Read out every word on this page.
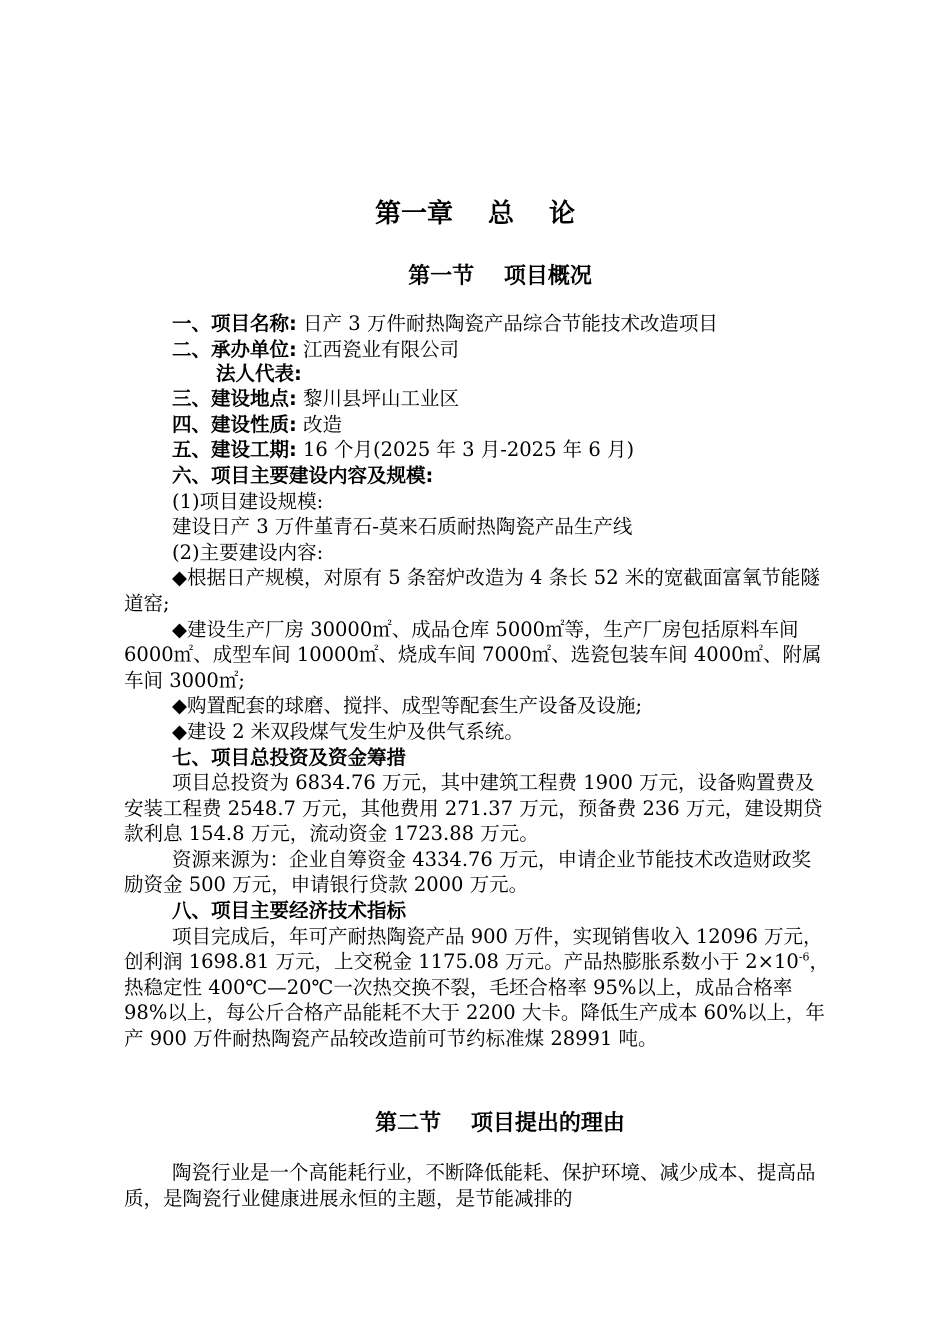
第一章　 总　 论
第一节　 项目概况

一、项目名称: 日产 3 万件耐热陶瓷产品综合节能技术改造项目

二、承办单位: 江西瓷业有限公司

法人代表:

三、建设地点: 黎川县坪山工业区

四、建设性质: 改造

五、建设工期: 16 个月(2025 年 3 月-2025 年 6 月)

六、项目主要建设内容及规模:

(1)项目建设规模:

建设日产 3 万件堇青石-莫来石质耐热陶瓷产品生产线

(2)主要建设内容:

◆根据日产规模，对原有 5 条窑炉改造为 4 条长 52 米的宽截面富氧节能隧道窑;

◆建设生产厂房 30000㎡、成品仓库 5000㎡等，生产厂房包括原料车间 6000㎡、成型车间 10000㎡、烧成车间 7000㎡、选瓷包装车间 4000㎡、附属车间 3000㎡;

◆购置配套的球磨、搅拌、成型等配套生产设备及设施;

◆建设 2 米双段煤气发生炉及供气系统。

七、项目总投资及资金筹措

项目总投资为 6834.76 万元，其中建筑工程费 1900 万元，设备购置费及安装工程费 2548.7 万元，其他费用 271.37 万元，预备费 236 万元，建设期贷款利息 154.8 万元，流动资金 1723.88 万元。

资源来源为：企业自筹资金 4334.76 万元，申请企业节能技术改造财政奖励资金 500 万元，申请银行贷款 2000 万元。

八、项目主要经济技术指标

项目完成后，年可产耐热陶瓷产品 900 万件，实现销售收入 12096 万元，创利润 1698.81 万元，上交税金 1175.08 万元。产品热膨胀系数小于 $2\times 10^{-6}$，热稳定性 400℃—20℃一次热交换不裂，毛坯合格率 95%以上，成品合格率 98%以上，每公斤合格产品能耗不大于 2200 大卡。降低生产成本 60%以上，年产 900 万件耐热陶瓷产品较改造前可节约标准煤 28991 吨。

第二节　 项目提出的理由

陶瓷行业是一个高能耗行业，不断降低能耗、保护环境、减少成本、提高品质，是陶瓷行业健康进展永恒的主题，是节能减排的
